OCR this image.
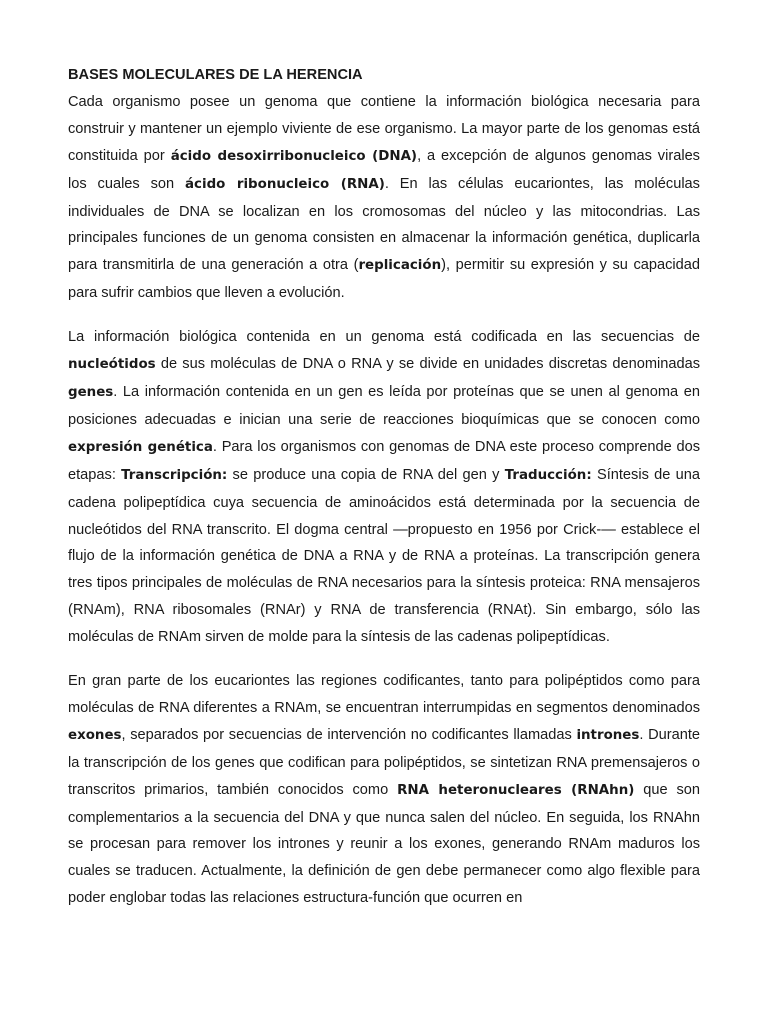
BASES MOLECULARES DE LA HERENCIA

Cada organismo posee un genoma que contiene la información biológica necesaria para construir y mantener un ejemplo viviente de ese organismo. La mayor parte de los genomas está constituida por ácido desoxirribonucleico (DNA), a excepción de algunos genomas virales los cuales son ácido ribonucleico (RNA). En las células eucariontes, las moléculas individuales de DNA se localizan en los cromosomas del núcleo y las mitocondrias. Las principales funciones de un genoma consisten en almacenar la información genética, duplicarla para transmitirla de una generación a otra (replicación), permitir su expresión y su capacidad para sufrir cambios que lleven a evolución.

La información biológica contenida en un genoma está codificada en las secuencias de nucleótidos de sus moléculas de DNA o RNA y se divide en unidades discretas denominadas genes. La información contenida en un gen es leída por proteínas que se unen al genoma en posiciones adecuadas e inician una serie de reacciones bioquímicas que se conocen como expresión genética. Para los organismos con genomas de DNA este proceso comprende dos etapas: Transcripción: se produce una copia de RNA del gen y Traducción: Síntesis de una cadena polipeptídica cuya secuencia de aminoácidos está determinada por la secuencia de nucleótidos del RNA transcrito. El dogma central —propuesto en 1956 por Crick-— establece el flujo de la información genética de DNA a RNA y de RNA a proteínas. La transcripción genera tres tipos principales de moléculas de RNA necesarios para la síntesis proteica: RNA mensajeros (RNAm), RNA ribosomales (RNAr) y RNA de transferencia (RNAt). Sin embargo, sólo las moléculas de RNAm sirven de molde para la síntesis de las cadenas polipeptídicas.

En gran parte de los eucariontes las regiones codificantes, tanto para polipéptidos como para moléculas de RNA diferentes a RNAm, se encuentran interrumpidas en segmentos denominados exones, separados por secuencias de intervención no codificantes llamadas intrones. Durante la transcripción de los genes que codifican para polipéptidos, se sintetizan RNA premensajeros o transcritos primarios, también conocidos como RNA heteronucleares (RNAhn) que son complementarios a la secuencia del DNA y que nunca salen del núcleo. En seguida, los RNAhn se procesan para remover los intrones y reunir a los exones, generando RNAm maduros los cuales se traducen. Actualmente, la definición de gen debe permanecer como algo flexible para poder englobar todas las relaciones estructura-función que ocurren en
